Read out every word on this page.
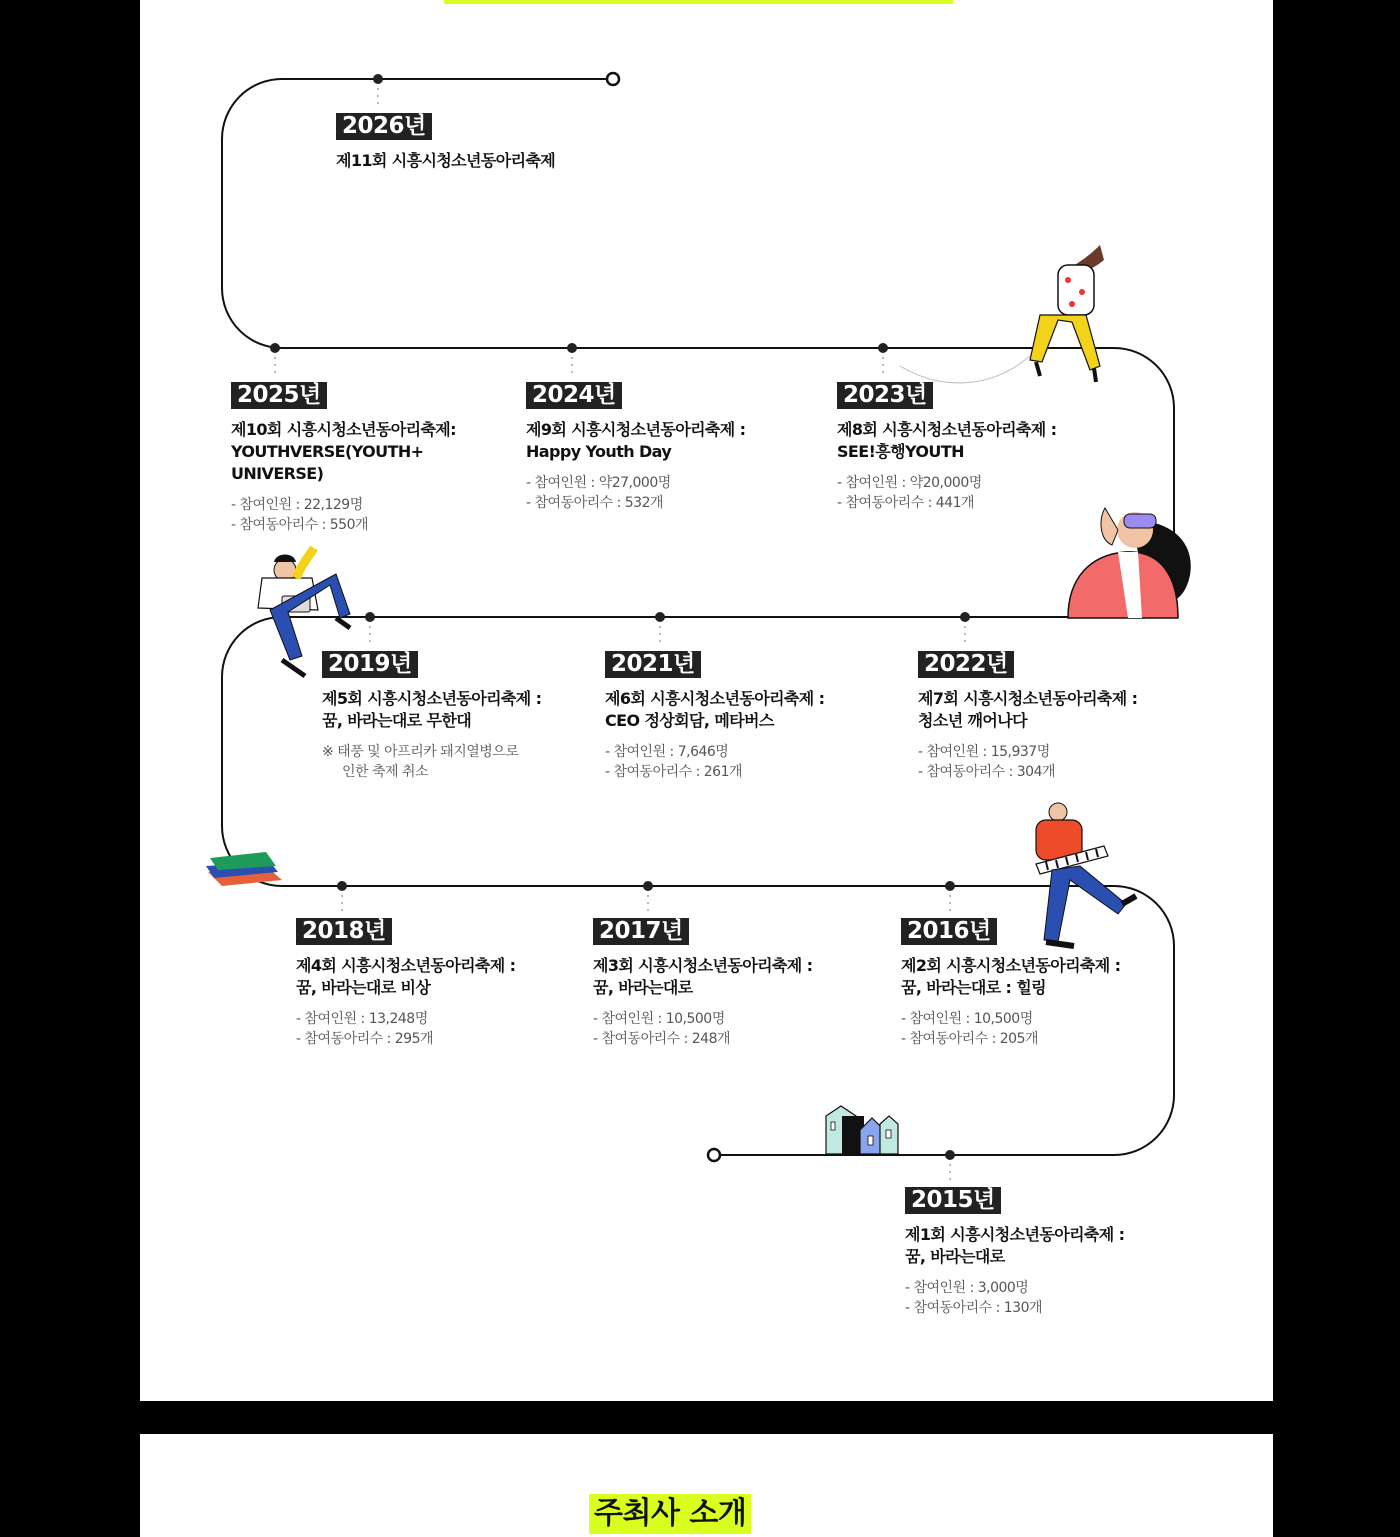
2026년
제11회 시흥시청소년동아리축제
2025년
제10회 시흥시청소년동아리축제:
YOUTHVERSE(YOUTH+
UNIVERSE)
- 참여인원 : 22,129명
- 참여동아리수 : 550개
2024년
제9회 시흥시청소년동아리축제 :
Happy Youth Day
- 참여인원 : 약27,000명
- 참여동아리수 : 532개
2023년
제8회 시흥시청소년동아리축제 :
SEE!흥행YOUTH
- 참여인원 : 약20,000명
- 참여동아리수 : 441개
2019년
제5회 시흥시청소년동아리축제 :
꿈, 바라는대로 무한대
※ 태풍 및 아프리카 돼지열병으로
인한 축제 취소
2021년
제6회 시흥시청소년동아리축제 :
CEO 정상회담, 메타버스
- 참여인원 : 7,646명
- 참여동아리수 : 261개
2022년
제7회 시흥시청소년동아리축제 :
청소년 깨어나다
- 참여인원 : 15,937명
- 참여동아리수 : 304개
2018년
제4회 시흥시청소년동아리축제 :
꿈, 바라는대로 비상
- 참여인원 : 13,248명
- 참여동아리수 : 295개
2017년
제3회 시흥시청소년동아리축제 :
꿈, 바라는대로
- 참여인원 : 10,500명
- 참여동아리수 : 248개
2016년
제2회 시흥시청소년동아리축제 :
꿈, 바라는대로 : 힐링
- 참여인원 : 10,500명
- 참여동아리수 : 205개
2015년
제1회 시흥시청소년동아리축제 :
꿈, 바라는대로
- 참여인원 : 3,000명
- 참여동아리수 : 130개
주최사 소개
